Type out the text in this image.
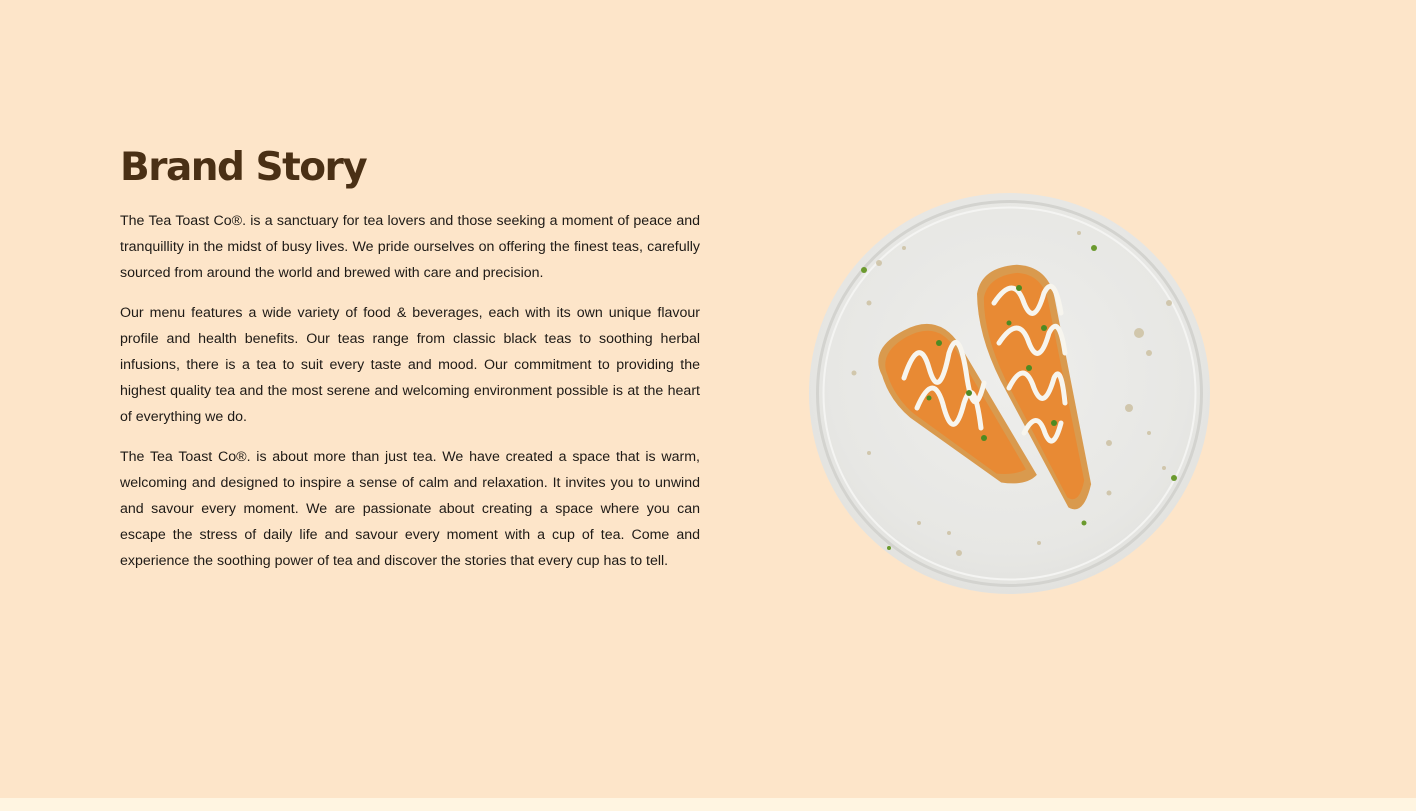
Brand Story

The Tea Toast Co®. is a sanctuary for tea lovers and those seeking a moment of peace and tranquillity in the midst of busy lives. We pride ourselves on offering the finest teas, carefully sourced from around the world and brewed with care and precision.

Our menu features a wide variety of food & beverages, each with its own unique flavour profile and health benefits. Our teas range from classic black teas to soothing herbal infusions, there is a tea to suit every taste and mood. Our commitment to providing the highest quality tea and the most serene and welcoming environment possible is at the heart of everything we do.

The Tea Toast Co®. is about more than just tea. We have created a space that is warm, welcoming and designed to inspire a sense of calm and relaxation. It invites you to unwind and savour every moment. We are passionate about creating a space where you can escape the stress of daily life and savour every moment with a cup of tea. Come and experience the soothing power of tea and discover the stories that every cup has to tell.
